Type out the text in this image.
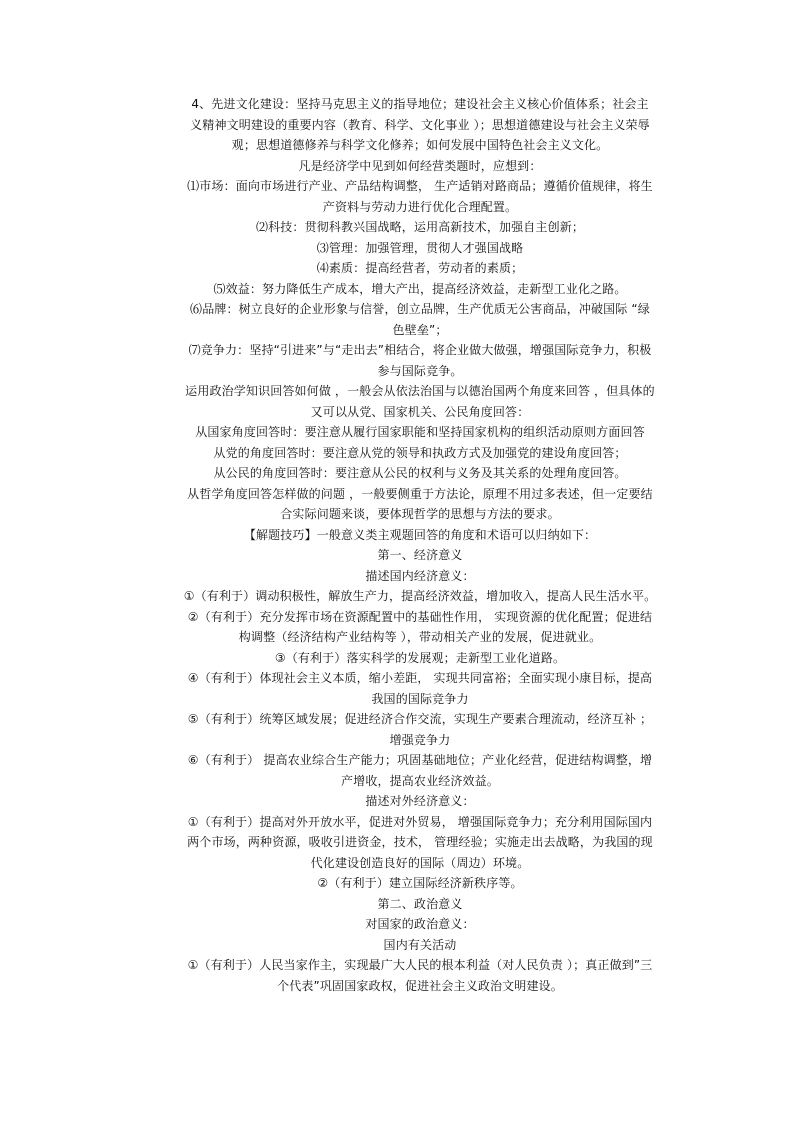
4、先进文化建设：坚持马克思主义的指导地位；建设社会主义核心价值体系；社会主
义精神文明建设的重要内容（教育、科学、文化事业 ）；思想道德建设与社会主义荣辱
观；思想道德修养与科学文化修养；如何发展中国特色社会主义文化。
凡是经济学中见到如何经营类题时，应想到：
⑴市场：面向市场进行产业、产品结构调整， 生产适销对路商品；遵循价值规律，将生
产资料与劳动力进行优化合理配置。
⑵科技：贯彻科教兴国战略，运用高新技术，加强自主创新；
⑶管理：加强管理，贯彻人才强国战略
⑷素质：提高经营者，劳动者的素质；
⑸效益：努力降低生产成本，增大产出，提高经济效益，走新型工业化之路。
⑹品牌：树立良好的企业形象与信誉，创立品牌，生产优质无公害商品，冲破国际 “绿
色壁垒”；
⑺竞争力：坚持“引进来”与“走出去”相结合，将企业做大做强，增强国际竞争力，积极
参与国际竞争。
运用政治学知识回答如何做 ，一般会从依法治国与以德治国两个角度来回答 ，但具体的
又可以从党、国家机关、公民角度回答：
从国家角度回答时：要注意从履行国家职能和坚持国家机构的组织活动原则方面回答
从党的角度回答时：要注意从党的领导和执政方式及加强党的建设角度回答；
从公民的角度回答时：要注意从公民的权利与义务及其关系的处理角度回答。
从哲学角度回答怎样做的问题 ，一般要侧重于方法论，原理不用过多表述，但一定要结
合实际问题来谈，要体现哲学的思想与方法的要求。
【解题技巧】一般意义类主观题回答的角度和术语可以归纳如下：
第一、经济意义
描述国内经济意义：
①（有利于）调动积极性，解放生产力，提高经济效益，增加收入，提高人民生活水平。
②（有利于）充分发挥市场在资源配置中的基础性作用， 实现资源的优化配置；促进结
构调整（经济结构产业结构等 ），带动相关产业的发展，促进就业。
③（有利于）落实科学的发展观；走新型工业化道路。
④（有利于）体现社会主义本质，缩小差距， 实现共同富裕；全面实现小康目标，提高
我国的国际竞争力
⑤（有利于）统筹区域发展；促进经济合作交流，实现生产要素合理流动，经济互补 ；
增强竞争力
⑥（有利于） 提高农业综合生产能力；巩固基础地位；产业化经营，促进结构调整，增
产增收，提高农业经济效益。
描述对外经济意义：
①（有利于）提高对外开放水平，促进对外贸易， 增强国际竞争力；充分利用国际国内
两个市场，两种资源，吸收引进资金，技术， 管理经验；实施走出去战略，为我国的现
代化建设创造良好的国际（周边）环境。
②（有利于）建立国际经济新秩序等。
第二、政治意义
对国家的政治意义：
国内有关活动
①（有利于）人民当家作主，实现最广大人民的根本利益（对人民负责 ）；真正做到”三
个代表”巩固国家政权，促进社会主义政治文明建设。
